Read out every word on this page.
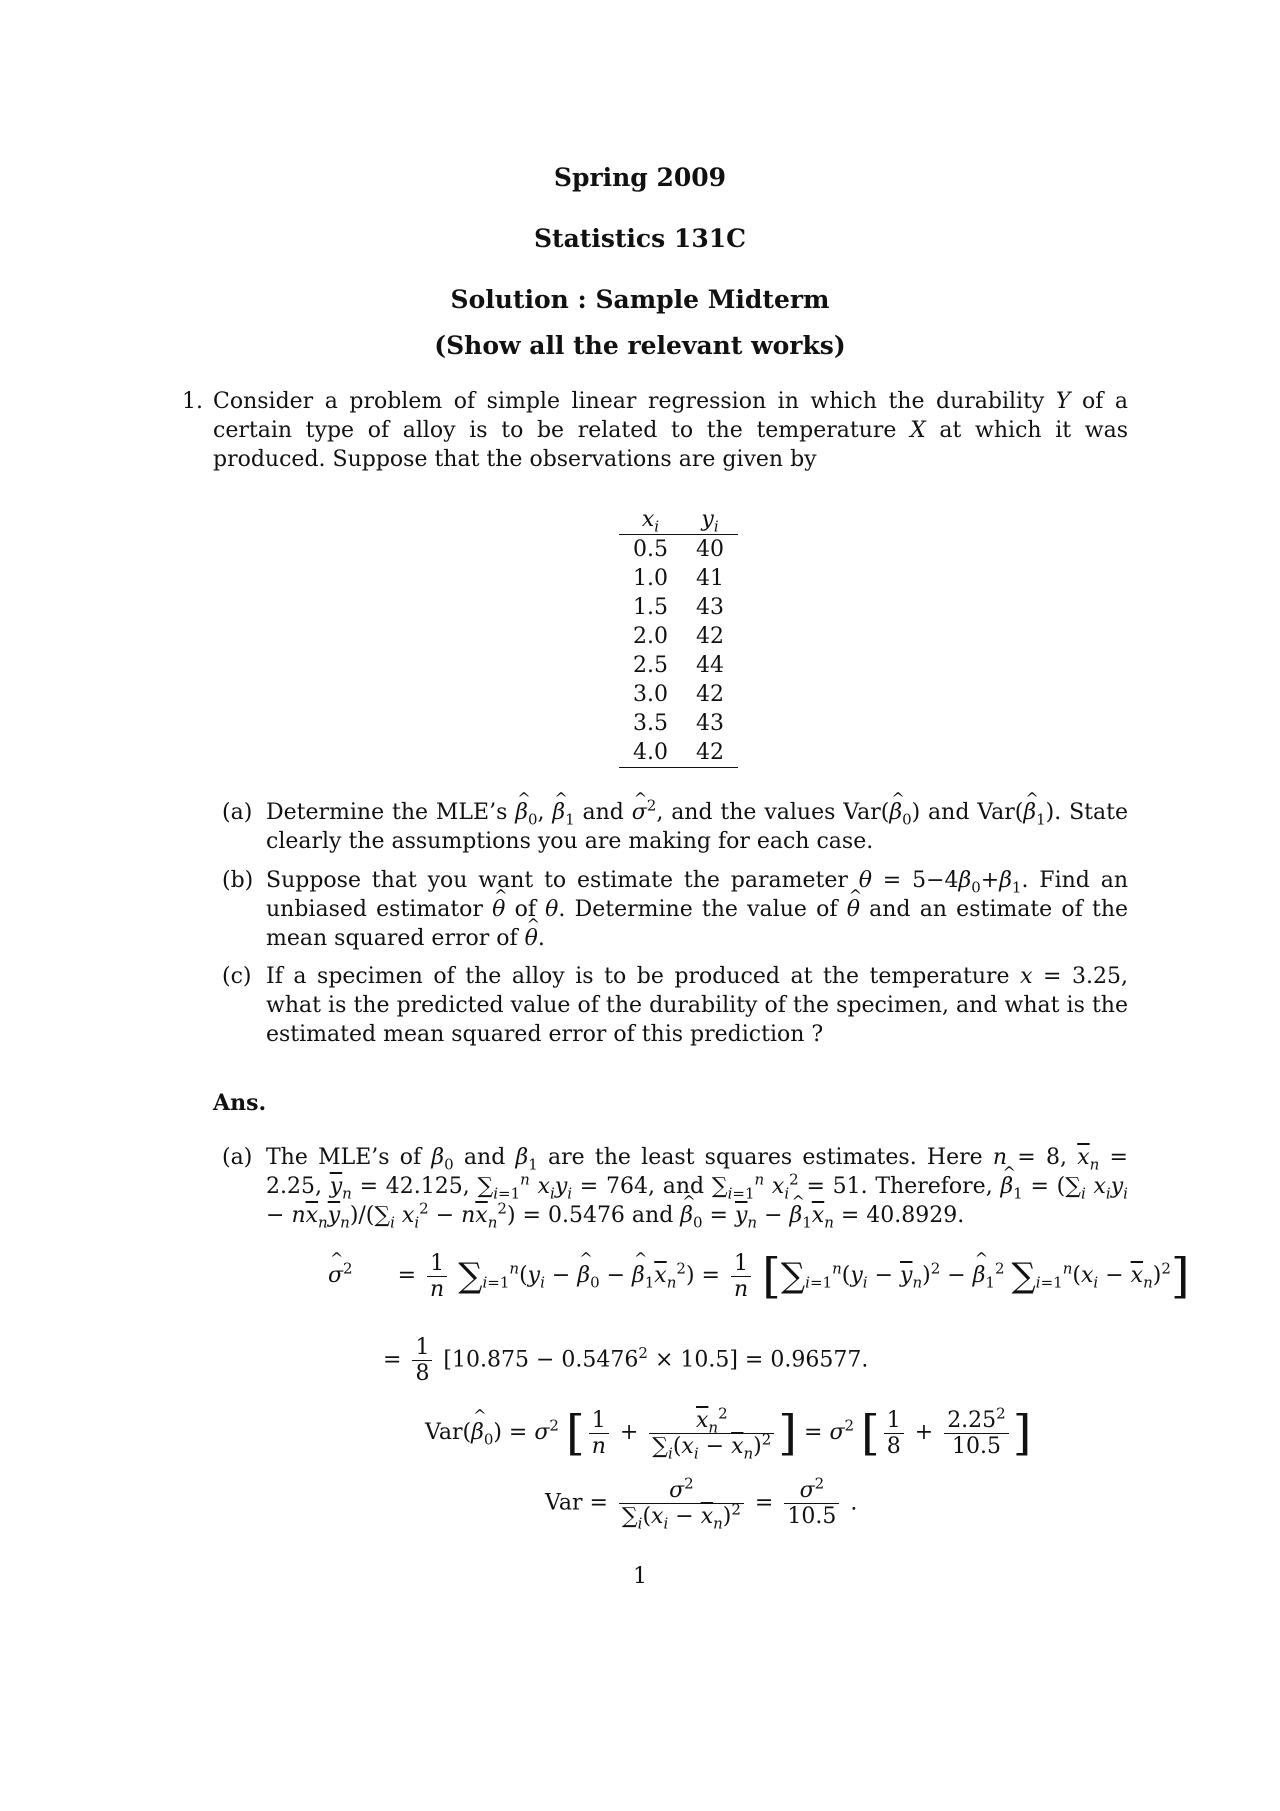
Spring 2009
Statistics 131C
Solution : Sample Midterm
(Show all the relevant works)
1. Consider a problem of simple linear regression in which the durability Y of a certain type of alloy is to be related to the temperature X at which it was produced. Suppose that the observations are given by
$x_i$	$y_i$
0.5	40
1.0	41
1.5	43
2.0	42
2.5	44
3.0	42
3.5	43
4.0	42
(a) Determine the MLE’s β $\^{}_0$, β $\^{}_1$ and σ ^$^2$, and the values Var(β $\^{}_0$) and Var(β $\^{}_1$). State clearly the assumptions you are making for each case.
(b) Suppose that you want to estimate the parameter $\theta = 5-4\beta_0+\beta_1$. Find an unbiased estimator θ ^ of θ. Determine the value of θ ^ and an estimate of the mean squared error of θ ^.
(c) If a specimen of the alloy is to be produced at the temperature x = 3.25, what is the predicted value of the durability of the specimen, and what is the estimated mean squared error of this prediction ?
Ans.
(a) The MLE’s of $\beta_0$ and $\beta_1$ are the least squares estimates. Here n = 8, $\overline{x}_n = 2.25$, $\overline{y}_n = 42.125$, $\sum_{i=1}^n$ $x_iy_i = 764$, and $\sum_{i=1}^n$ $x_i^2 = 51$. Therefore, β $\^{}_1 = (\sum_i$ $x_iy_i - n\overline{x}_n\overline{y}_n)/(\sum_i$ $x_i^2 - n\overline{x}_n^2) = 0.5476$ and β $\^{}_0 = \overline{y}_n - \beta$ $\^{}_1\overline{x}_n = 40.8929$.
σ ^$^2$ = $\frac{1}{n} \sum_{i=1}^n(y_i - \beta$ $\^{}_0 - \beta$ $\^{}_1\overline{x}_n^2) = \frac{1}{n} [\sum_{i=1}^n(y_i - \overline{y}_n)^2 - \beta$ $\^{}_1^2$ $\sum_{i=1}^n(x_i - \overline{x}_n)^2$]
= $\frac{1}{8} [10.875 - 0.5476^2 \times 10.5] = 0.96577$.
Var(β $\^{}_0) = \sigma^2$ [ $\frac{1}{n} + \frac{\overline{x}_n^2}{\sum_i(x_i - \overline{x}_n)^2}$ ] = $\sigma^2$ [ $\frac{1}{8} + \frac{2.25^2}{10.5}$ ]
Var = $\frac{\sigma^2}{\sum_i(x_i - \overline{x}_n)^2} = \frac{\sigma^2}{10.5}$ .
1
